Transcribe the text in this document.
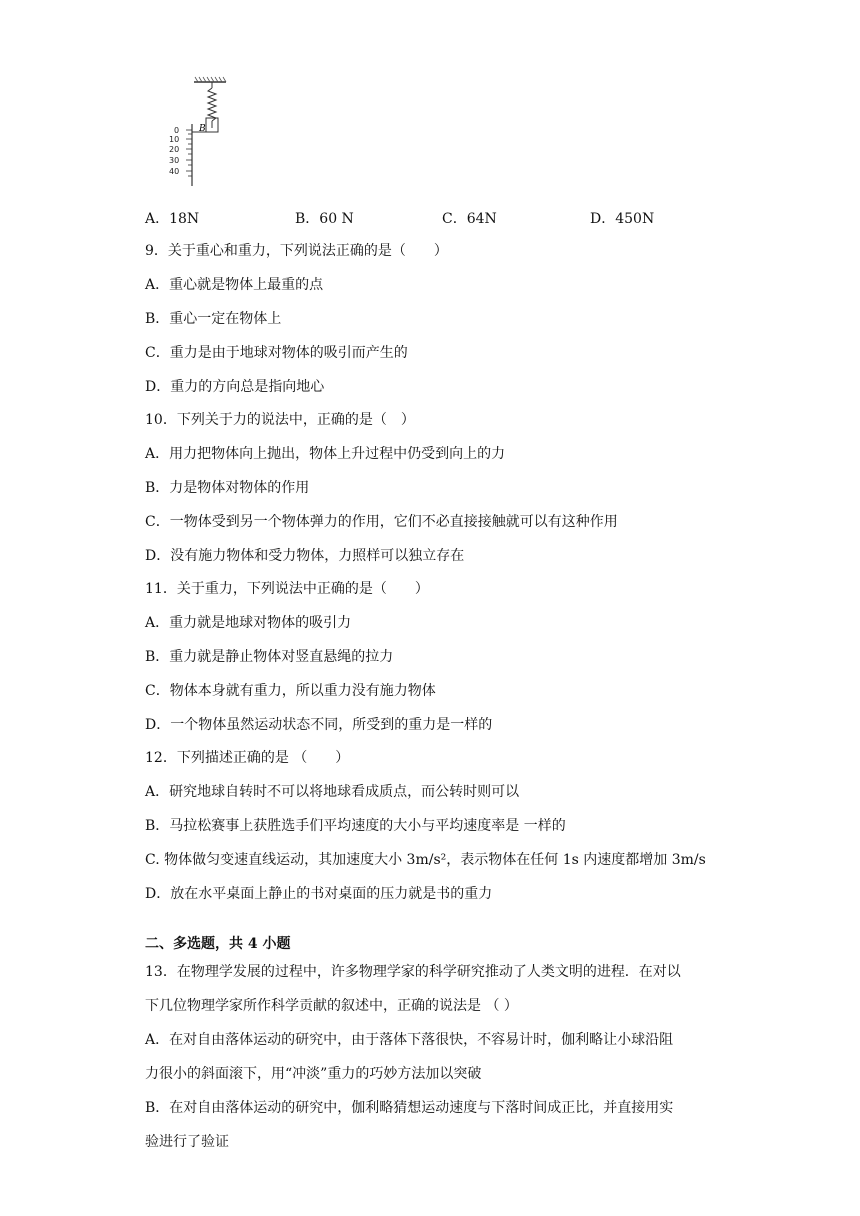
B
0
10
20
30
40
A．18N	B．60 N	C．64N	D．450N
9．关于重心和重力，下列说法正确的是（　　）
A．重心就是物体上最重的点
B．重心一定在物体上
C．重力是由于地球对物体的吸引而产生的
D．重力的方向总是指向地心
10．下列关于力的说法中，正确的是（　）
A．用力把物体向上抛出，物体上升过程中仍受到向上的力
B．力是物体对物体的作用
C．一物体受到另一个物体弹力的作用，它们不必直接接触就可以有这种作用
D．没有施力物体和受力物体，力照样可以独立存在
11．关于重力，下列说法中正确的是（　　）
A．重力就是地球对物体的吸引力
B．重力就是静止物体对竖直悬绳的拉力
C．物体本身就有重力，所以重力没有施力物体
D．一个物体虽然运动状态不同，所受到的重力是一样的
12．下列描述正确的是 （　　）
A．研究地球自转时不可以将地球看成质点，而公转时则可以
B．马拉松赛事上获胜选手们平均速度的大小与平均速度率是 一样的
C. 物体做匀变速直线运动，其加速度大小 3m/s²，表示物体在任何 1s 内速度都增加 3m/s
D．放在水平桌面上静止的书对桌面的压力就是书的重力
二、多选题，共 4 小题
13．在物理学发展的过程中，许多物理学家的科学研究推动了人类文明的进程．在对以
下几位物理学家所作科学贡献的叙述中，正确的说法是 （ ）
A．在对自由落体运动的研究中，由于落体下落很快，不容易计时，伽利略让小球沿阻
力很小的斜面滚下，用“冲淡”重力的巧妙方法加以突破
B．在对自由落体运动的研究中，伽利略猜想运动速度与下落时间成正比，并直接用实
验进行了验证
